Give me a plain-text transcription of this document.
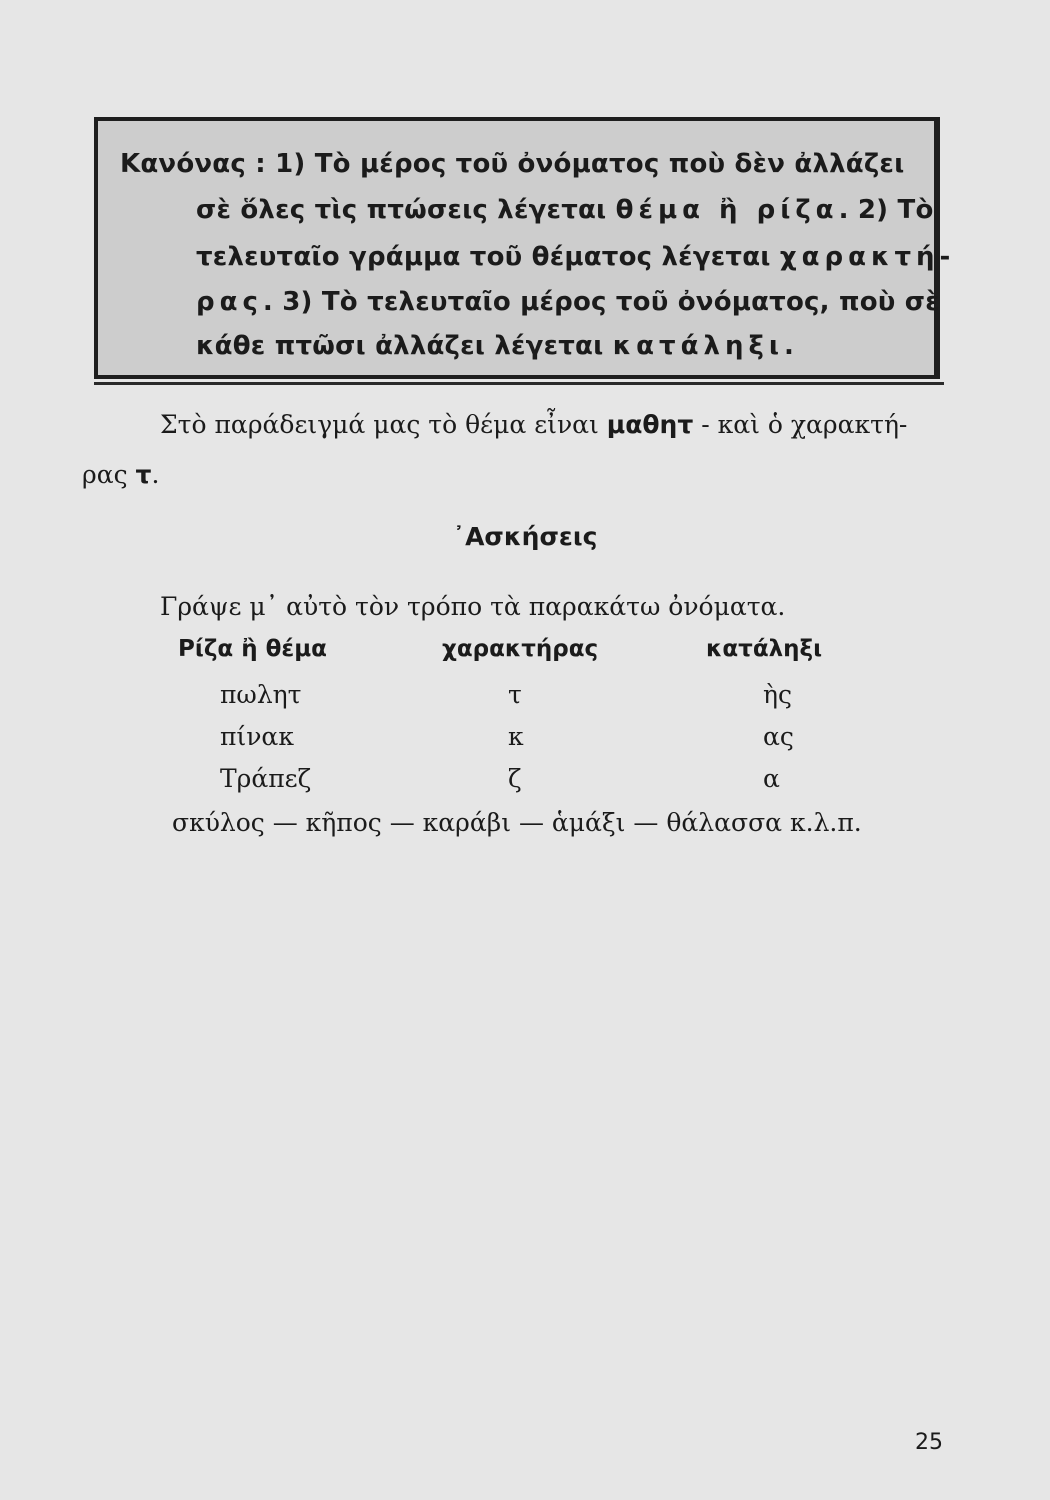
Κανόνας : 1) Τὸ μέρος τοῦ ὀνόματος ποὺ δὲν ἀλλάζει
σὲ ὅλες τὶς πτώσεις λέγεται θέμα ἢ ρίζα. 2) Τὸ
τελευταῖο γράμμα τοῦ θέματος λέγεται χαρακτή-
ρας. 3) Τὸ τελευταῖο μέρος τοῦ ὀνόματος, ποὺ σὲ
κάθε πτῶσι ἀλλάζει λέγεται κατάληξι.
Στὸ παράδειγμά μας τὸ θέμα εἶναι μαθητ - καὶ ὁ χαρακτή-
ρας τ.
᾿Ασκήσεις
Γράψε μ᾿ αὐτὸ τὸν τρόπο τὰ παρακάτω ὀνόματα.
Ρίζα ἢ θέμα	χαρακτήρας	κατάληξι
πωλητ	τ	ὴς
πίνακ	κ	ας
Τράπεζ	ζ	α
σκύλος — κῆπος — καράβι — ἁμάξι — θάλασσα κ.λ.π.
25
